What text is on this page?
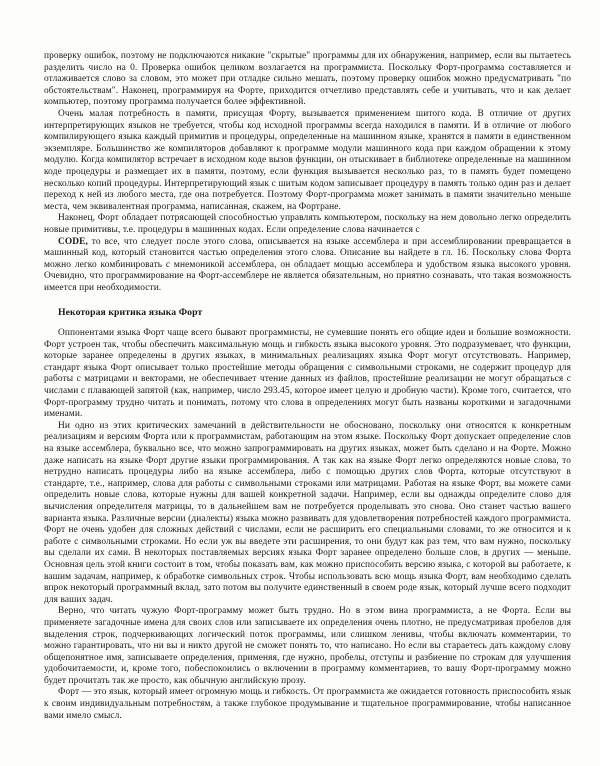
проверку ошибок, поэтому не подключаются никакие "скрытые" программы для их обнаружения, например, если вы пытаетесь разделить число на 0. Проверка ошибок целиком возлагается на программиста. Поскольку Форт-программа составляется и отлаживается слово за словом, это может при отладке сильно мешать, поэтому проверку ошибок можно предусматривать "по обстоятельствам". Наконец, программируя на Форте, приходится отчетливо представлять себе и учитывать, что и как делает компьютер, поэтому программа получается более эффективной.

Очень малая потребность в памяти, присущая Форту, вызывается применением шитого кода. В отличие от других интерпретирующих языков не требуется, чтобы код исходной программы всегда находился в памяти. И в отличие от любого компилирующего языка каждый примитив и процедуры, определенные на машинном языке, хранятся в памяти в единственном экземпляре. Большинство же компиляторов добавляют к программе модули машинного кода при каждом обращении к этому модулю. Когда компилятор встречает в исходном коде вызов функции, он отыскивает в библиотеке определенные на машинном коде процедуры и размещает их в памяти, поэтому, если функция вызывается несколько раз, то в память будет помещено несколько копий процедуры. Интерпретирующий язык с шитым кодом записывает процедуру в память только один раз и делает переход к ней из любого места, где она потребуется. Поэтому Форт-программа может занимать в памяти значительно меньше места, чем эквивалентная программа, написанная, скажем, на Фортране.

Наконец, Форт обладает потрясающей способностью управлять компьютером, поскольку на нем довольно легко определить новые примитивы, т.е. процедуры в машинных кодах. Если определение слова начинается с

CODE, то все, что следует после этого слова, описывается на языке ассемблера и при ассемблировании превращается в машинный код, который становится частью определения этого слова. Описание вы найдете в гл. 16. Поскольку слова Форта можно легко комбинировать с мнемоникой ассемблера, он обладает мощью ассемблера и удобством языка высокого уровня. Очевидно, что программирование на Форт-ассемблере не является обязательным, но приятно сознавать, что такая возможность имеется при необходимости.

Некоторая критика языка Форт

Оппонентами языка Форт чаще всего бывают программисты, не сумевшие понять его общие идеи и большие возможности. Форт устроен так, чтобы обеспечить максимальную мощь и гибкость языка высокого уровня. Это подразумевает, что функции, которые заранее определены в других языках, в минимальных реализациях языка Форт могут отсутствовать. Например, стандарт языка Форт описывает только простейшие методы обращения с символьными строками, не содержит процедур для работы с матрицами и векторами, не обеспечивает чтение данных из файлов, простейшие реализации не могут обращаться с числами с плавающей запятой (как, например, число 293.45, которое имеет целую и дробную части). Кроме того, считается, что Форт-программу трудно читать и понимать, потому что слова в определениях могут быть названы короткими и загадочными именами.

Ни одно из этих критических замечаний в действительности не обосновано, поскольку они относятся к конкретным реализациям и версиям Форта или к программистам, работающим на этом языке. Поскольку Форт допускает определение слов на языке ассемблера, буквально все, что можно запрограммировать на других языках, может быть сделано и на Форте. Можно даже написать на языке Форт другие языки программирования. А так как на языке Форт легко определяются новые слова, то нетрудно написать процедуры либо на языке ассемблера, либо с помощью других слов Форта, которые отсутствуют в стандарте, т.е., например, слова для работы с символьными строками или матрицами. Работая на языке Форт, вы можете сами определить новые слова, которые нужны для вашей конкретной задачи. Например, если вы однажды определите слово для вычисления определителя матрицы, то в дальнейшем вам не потребуется проделывать это снова. Оно станет частью вашего варианта языка. Различные версии (диалекты) языка можно развивать для удовлетворения потребностей каждого программиста. Форт не очень удобен для сложных действий с числами, если не расширить его специальными словами, то же относится и к работе с символьными строками. Но если уж вы введете эти расширения, то они будут как раз тем, что вам нужно, поскольку вы сделали их сами. В некоторых поставляемых версиях языка Форт заранее определено больше слов, в других — меньше. Основная цель этой книги состоит в том, чтобы показать вам, как можно приспособить версию языка, с которой вы работаете, к вашим задачам, например, к обработке символьных строк. Чтобы использовать всю мощь языка Форт, вам необходимо сделать впрок некоторый программный вклад, зато потом вы получите единственный в своем роде язык, который лучше всего подходит для ваших задач.

Верно, что читать чужую Форт-программу может быть трудно. Но в этом вина программиста, а не Форта. Если вы применяете загадочные имена для своих слов или записываете их определения очень плотно, не предусматривая пробелов для выделения строк, подчеркивающих логический поток программы, или слишком ленивы, чтобы включать комментарии, то можно гарантировать, что ни вы и никто другой не сможет понять то, что написано. Но если вы стараетесь дать каждому слову общепонятное имя, записываете определения, применяя, где нужно, пробелы, отступы и разбиение по строкам для улучшения удобочитаемости, и, кроме того, побеспокоились о включении в программу комментариев, то вашу Форт-программу можно будет прочитать так же просто, как обычную английскую прозу.

Форт — это язык, который имеет огромную мощь и гибкость. От программиста же ожидается готовность приспособить язык к своим индивидуальным потребностям, а также глубокое продумывание и тщательное программирование, чтобы написанное вами имело смысл.
